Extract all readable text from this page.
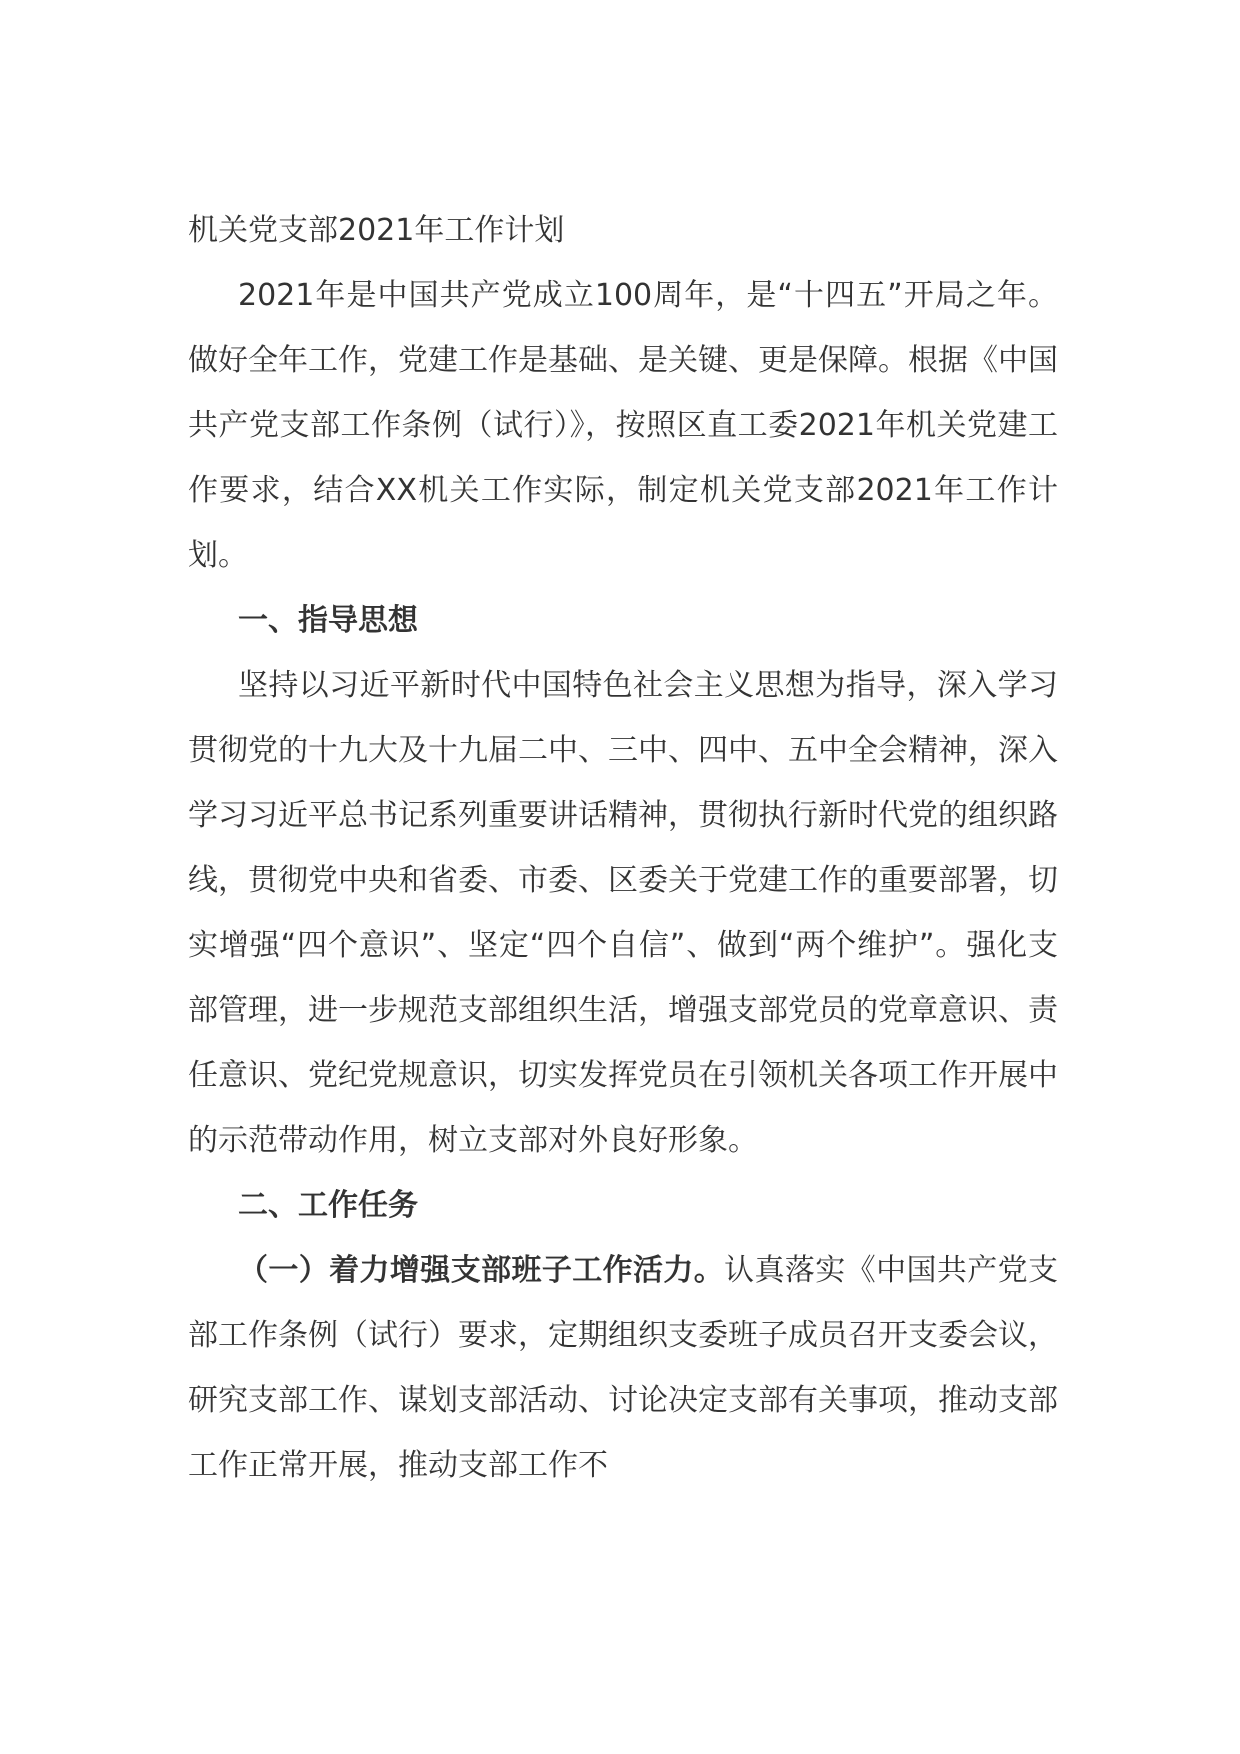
机关党支部2021年工作计划

2021年是中国共产党成立100周年，是“十四五”开局之年。做好全年工作，党建工作是基础、是关键、更是保障。根据《中国共产党支部工作条例（试行）》，按照区直工委2021年机关党建工作要求，结合XX机关工作实际，制定机关党支部2021年工作计划。

一、指导思想

坚持以习近平新时代中国特色社会主义思想为指导，深入学习贯彻党的十九大及十九届二中、三中、四中、五中全会精神，深入学习习近平总书记系列重要讲话精神，贯彻执行新时代党的组织路线，贯彻党中央和省委、市委、区委关于党建工作的重要部署，切实增强“四个意识”、坚定“四个自信”、做到“两个维护”。强化支部管理，进一步规范支部组织生活，增强支部党员的党章意识、责任意识、党纪党规意识，切实发挥党员在引领机关各项工作开展中的示范带动作用，树立支部对外良好形象。

二、工作任务

（一）着力增强支部班子工作活力。认真落实《中国共产党支部工作条例（试行）要求，定期组织支委班子成员召开支委会议，研究支部工作、谋划支部活动、讨论决定支部有关事项，推动支部工作正常开展，推动支部工作不
